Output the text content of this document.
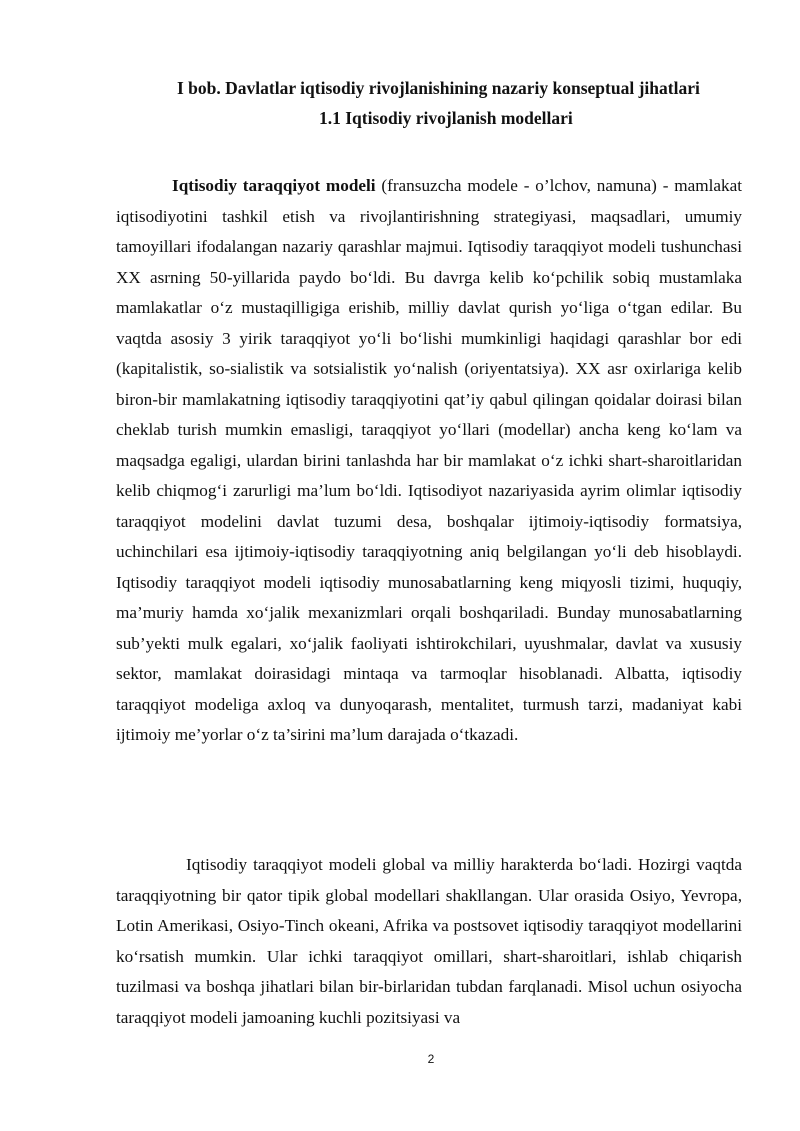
I bob. Davlatlar iqtisodiy rivojlanishining nazariy konseptual jihatlari
1.1 Iqtisodiy rivojlanish modellari

Iqtisodiy taraqqiyot modeli (fransuzcha modele - o’lchov, namuna) - mamlakat iqtisodiyotini tashkil etish va rivojlantirishning strategiyasi, maqsadlari, umumiy tamoyillari ifodalangan nazariy qarashlar majmui. Iqtisodiy taraqqiyot modeli tushunchasi XX asrning 50-yillarida paydo bo‘ldi. Bu davrga kelib ko‘pchilik sobiq mustamlaka mamlakatlar o‘z mustaqilligiga erishib, milliy davlat qurish yo‘liga o‘tgan edilar. Bu vaqtda asosiy 3 yirik taraqqiyot yo‘li bo‘lishi mumkinligi haqidagi qarashlar bor edi (kapitalistik, so-sialistik va sotsialistik yo‘nalish (oriyentatsiya). XX asr oxirlariga kelib biron-bir mamlakatning iqtisodiy taraqqiyotini qat’iy qabul qilingan qoidalar doirasi bilan cheklab turish mumkin emasligi, taraqqiyot yo‘llari (modellar) ancha keng ko‘lam va maqsadga egaligi, ulardan birini tanlashda har bir mamlakat o‘z ichki shart-sharoitlaridan kelib chiqmog‘i zarurligi ma’lum bo‘ldi. Iqtisodiyot nazariyasida ayrim olimlar iqtisodiy taraqqiyot modelini davlat tuzumi desa, boshqalar ijtimoiy-iqtisodiy formatsiya, uchinchilari esa ijtimoiy-iqtisodiy taraqqiyotning aniq belgilangan yo‘li deb hisoblaydi. Iqtisodiy taraqqiyot modeli iqtisodiy munosabatlarning keng miqyosli tizimi, huquqiy, ma’muriy hamda xo‘jalik mexanizmlari orqali boshqariladi. Bunday munosabatlarning sub’yekti mulk egalari, xo‘jalik faoliyati ishtirokchilari, uyushmalar, davlat va xususiy sektor, mamlakat doirasidagi mintaqa va tarmoqlar hisoblanadi. Albatta, iqtisodiy taraqqiyot modeliga axloq va dunyoqarash, mentalitet, turmush tarzi, madaniyat kabi ijtimoiy me’yorlar o‘z ta’sirini ma’lum darajada o‘tkazadi.

Iqtisodiy taraqqiyot modeli global va milliy harakterda bo‘ladi. Hozirgi vaqtda taraqqiyotning bir qator tipik global modellari shakllangan. Ular orasida Osiyo, Yevropa, Lotin Amerikasi, Osiyo-Tinch okeani, Afrika va postsovet iqtisodiy taraqqiyot modellarini ko‘rsatish mumkin. Ular ichki taraqqiyot omillari, shart-sharoitlari, ishlab chiqarish tuzilmasi va boshqa jihatlari bilan bir-birlaridan tubdan farqlanadi. Misol uchun osiyocha taraqqiyot modeli jamoaning kuchli pozitsiyasi va

2
